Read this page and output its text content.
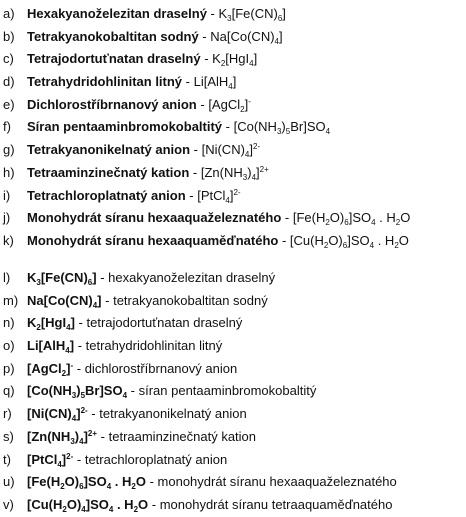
a) Hexakyanoželezitan draselný - $K_3[Fe(CN)_6]$
b) Tetrakyanokobaltitan sodný - $Na[Co(CN)_4]$
c)	Tetrajodortuťnatan draselný - $K_2[HgI_4]$
d) Tetrahydridohlinitan litný - Li[AlH$_4$]
e) Dichlorostříbrnanový anion - [AgCl$_2$]-
f)	Síran pentaaminbromokobaltitý - $[Co(NH_3)_5Br]SO_4$
g) Tetrakyanonikelnatý anion - $[Ni(CN)_4]^{2-}$
h) Tetraaminzinečnatý kation - $[Zn(NH_3)_4]^{2+}$
i)	Tetrachloroplatnatý anion - [PtCl$_4$]$^{2-}$
j)	Monohydrát síranu hexaaquaželeznatého - $[Fe(H_2O)_6]SO_4$ . $H_2O$
k)	Monohydrát síranu hexaaquaměďnatého - $[Cu(H_2O)_6]SO_4$ . $H_2O$
l)	$K_3[Fe(CN)_6]$ - hexakyanoželezitan draselný
m) $Na[Co(CN)_4]$ - tetrakyanokobaltitan sodný
n) $K_2[HgI_4]$ - tetrajodortuťnatan draselný
o) Li[AlH$_4$] - tetrahydridohlinitan litný
p) [AgCl$_2$]- - dichlorostříbrnanový anion
q) $[Co(NH_3)_5Br]SO_4$ - síran pentaaminbromokobaltitý
r)	$[Ni(CN)_4]^{2-}$ - tetrakyanonikelnatý anion
s)	$[Zn(NH_3)_4]^{2+}$ - tetraaminzinečnatý kation
t)	[PtCl$_4$]$^{2-}$ - tetrachloroplatnatý anion
u) $[Fe(H_2O)_6]SO_4$ . $H_2O$ - monohydrát síranu hexaaquaželeznatého
v)	$[Cu(H_2O)_4]SO_4$ . $H_2O$ - monohydrát síranu tetraaquaměďnatého
